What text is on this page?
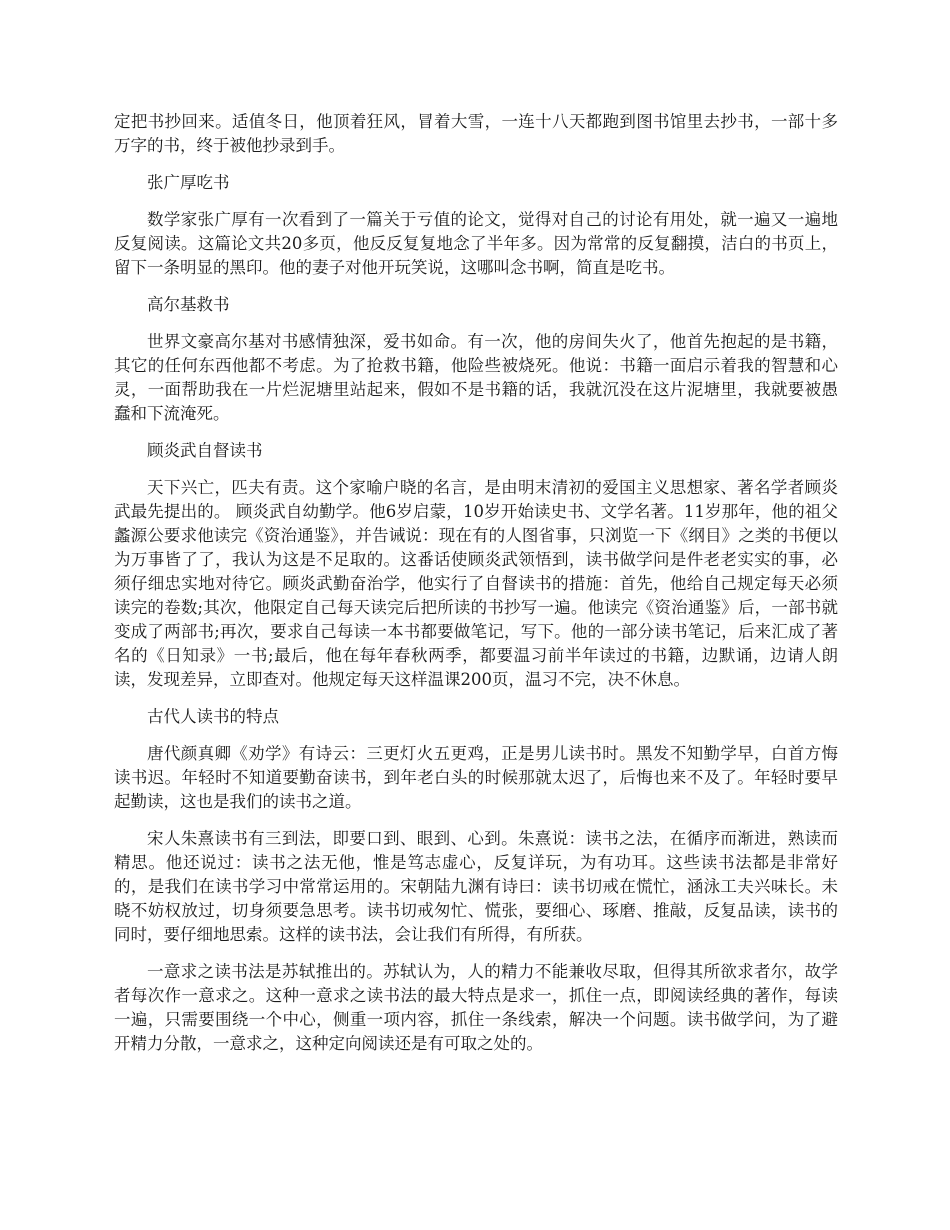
定把书抄回来。适值冬日，他顶着狂风，冒着大雪，一连十八天都跑到图书馆里去抄书，一部十多万字的书，终于被他抄录到手。

张广厚吃书

数学家张广厚有一次看到了一篇关于亏值的论文，觉得对自己的讨论有用处，就一遍又一遍地反复阅读。这篇论文共20多页，他反反复复地念了半年多。因为常常的反复翻摸，洁白的书页上，留下一条明显的黑印。他的妻子对他开玩笑说，这哪叫念书啊，简直是吃书。

高尔基救书

世界文豪高尔基对书感情独深，爱书如命。有一次，他的房间失火了，他首先抱起的是书籍，其它的任何东西他都不考虑。为了抢救书籍，他险些被烧死。他说：书籍一面启示着我的智慧和心灵，一面帮助我在一片烂泥塘里站起来，假如不是书籍的话，我就沉没在这片泥塘里，我就要被愚蠢和下流淹死。

顾炎武自督读书

天下兴亡，匹夫有责。这个家喻户晓的名言，是由明末清初的爱国主义思想家、著名学者顾炎武最先提出的。 顾炎武自幼勤学。他6岁启蒙，10岁开始读史书、文学名著。11岁那年，他的祖父蠡源公要求他读完《资治通鉴》，并告诫说：现在有的人图省事，只浏览一下《纲目》之类的书便以为万事皆了了，我认为这是不足取的。这番话使顾炎武领悟到，读书做学问是件老老实实的事，必须仔细忠实地对待它。顾炎武勤奋治学，他实行了自督读书的措施：首先，他给自己规定每天必须读完的卷数;其次，他限定自己每天读完后把所读的书抄写一遍。他读完《资治通鉴》后，一部书就变成了两部书;再次，要求自己每读一本书都要做笔记，写下。他的一部分读书笔记，后来汇成了著名的《日知录》一书;最后，他在每年春秋两季，都要温习前半年读过的书籍，边默诵，边请人朗读，发现差异，立即查对。他规定每天这样温课200页，温习不完，决不休息。

古代人读书的特点

唐代颜真卿《劝学》有诗云：三更灯火五更鸡，正是男儿读书时。黑发不知勤学早，白首方悔读书迟。年轻时不知道要勤奋读书，到年老白头的时候那就太迟了，后悔也来不及了。年轻时要早起勤读，这也是我们的读书之道。

宋人朱熹读书有三到法，即要口到、眼到、心到。朱熹说：读书之法，在循序而渐进，熟读而精思。他还说过：读书之法无他，惟是笃志虚心，反复详玩，为有功耳。这些读书法都是非常好的，是我们在读书学习中常常运用的。宋朝陆九渊有诗曰：读书切戒在慌忙，涵泳工夫兴味长。未晓不妨权放过，切身须要急思考。读书切戒匆忙、慌张，要细心、琢磨、推敲，反复品读，读书的同时，要仔细地思索。这样的读书法，会让我们有所得，有所获。

一意求之读书法是苏轼推出的。苏轼认为，人的精力不能兼收尽取，但得其所欲求者尔，故学者每次作一意求之。这种一意求之读书法的最大特点是求一，抓住一点，即阅读经典的著作，每读一遍，只需要围绕一个中心，侧重一项内容，抓住一条线索，解决一个问题。读书做学问，为了避开精力分散，一意求之，这种定向阅读还是有可取之处的。
